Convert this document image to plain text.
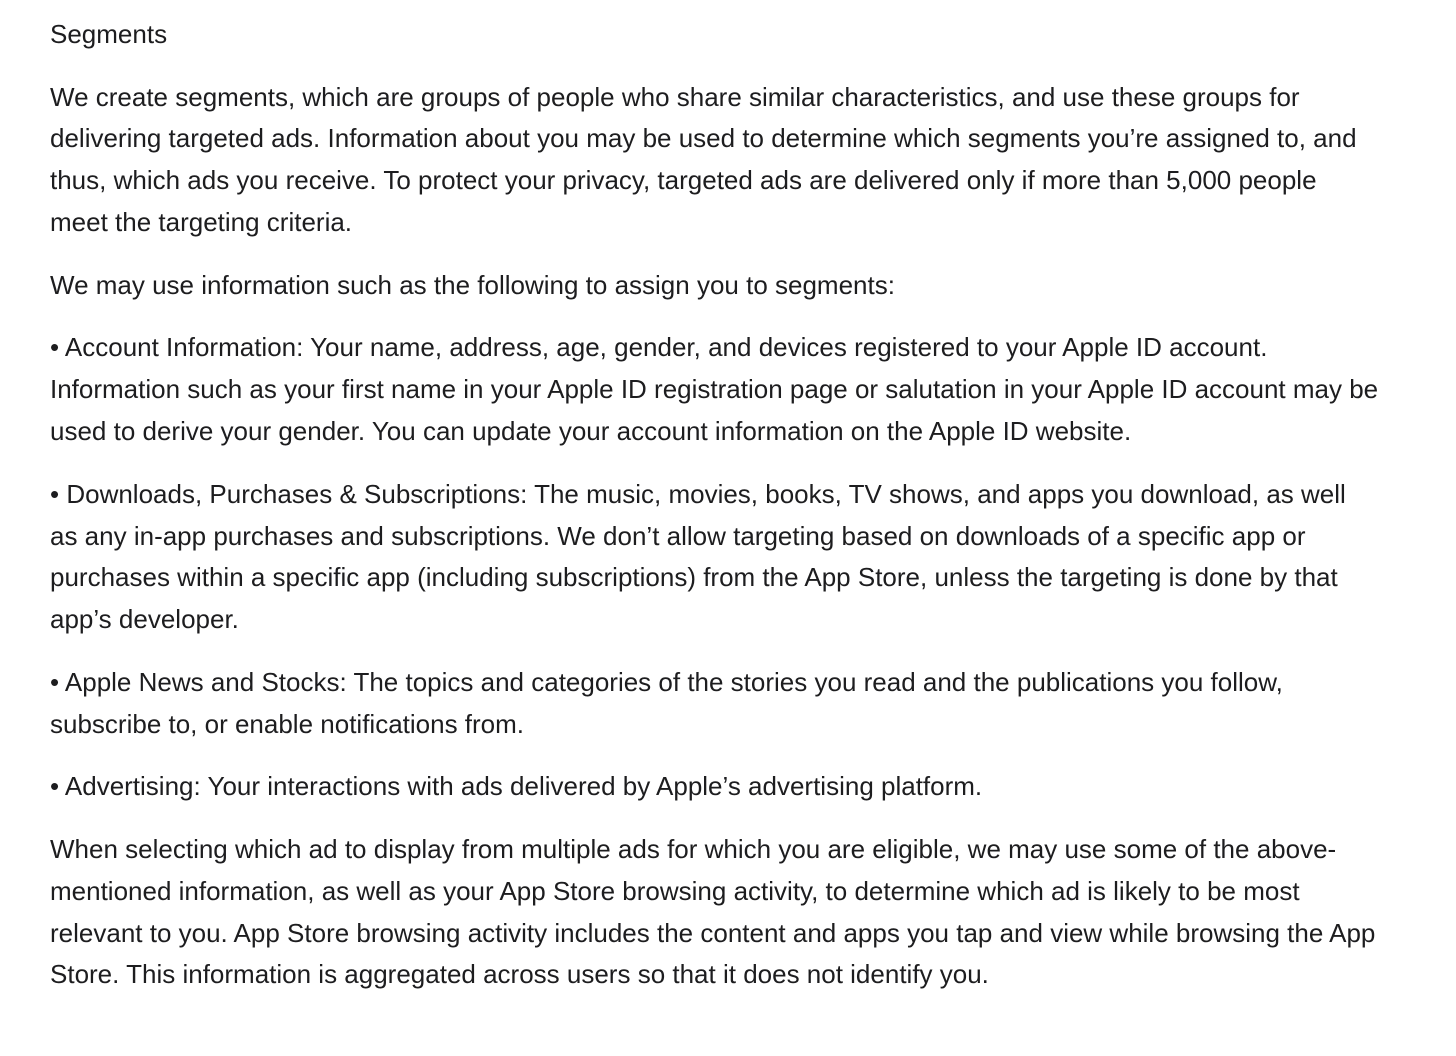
Segments

We create segments, which are groups of people who share similar characteristics, and use these groups for delivering targeted ads. Information about you may be used to determine which segments you’re assigned to, and thus, which ads you receive. To protect your privacy, targeted ads are delivered only if more than 5,000 people meet the targeting criteria.

We may use information such as the following to assign you to segments:

• Account Information: Your name, address, age, gender, and devices registered to your Apple ID account. Information such as your first name in your Apple ID registration page or salutation in your Apple ID account may be used to derive your gender. You can update your account information on the Apple ID website.

• Downloads, Purchases & Subscriptions: The music, movies, books, TV shows, and apps you download, as well as any in-app purchases and subscriptions. We don’t allow targeting based on downloads of a specific app or purchases within a specific app (including subscriptions) from the App Store, unless the targeting is done by that app’s developer.

• Apple News and Stocks: The topics and categories of the stories you read and the publications you follow, subscribe to, or enable notifications from.

• Advertising: Your interactions with ads delivered by Apple’s advertising platform.

When selecting which ad to display from multiple ads for which you are eligible, we may use some of the above-mentioned information, as well as your App Store browsing activity, to determine which ad is likely to be most relevant to you. App Store browsing activity includes the content and apps you tap and view while browsing the App Store. This information is aggregated across users so that it does not identify you.
